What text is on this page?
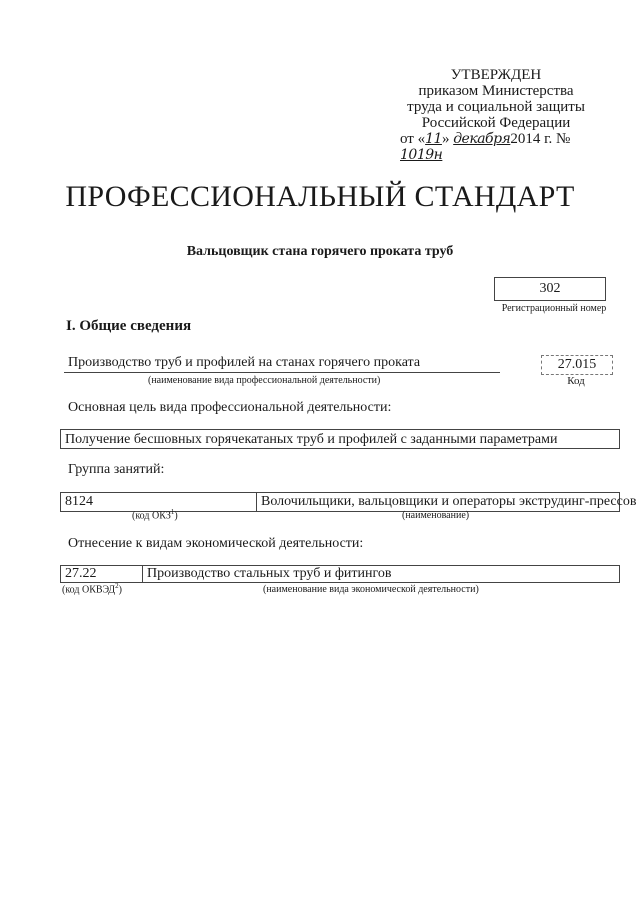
УТВЕРЖДЕН
приказом Министерства
труда и социальной защиты
Российской Федерации
от «11» декабря2014 г. № 1019н
ПРОФЕССИОНАЛЬНЫЙ СТАНДАРТ
Вальцовщик стана горячего проката труб
302
Регистрационный номер
I. Общие сведения
Производство труб и профилей на станах горячего проката
(наименование вида профессиональной деятельности)
27.015
Код
Основная цель вида профессиональной деятельности:
Получение бесшовных горячекатаных труб и профилей с заданными параметрами
Группа занятий:
8124	Волочильщики, вальцовщики и операторы экструдинг-прессов
(код ОКЗ$^1$)	(наименование)
Отнесение к видам экономической деятельности:
27.22	Производство стальных труб и фитингов
(код ОКВЭД$^2$)	(наименование вида экономической деятельности)
